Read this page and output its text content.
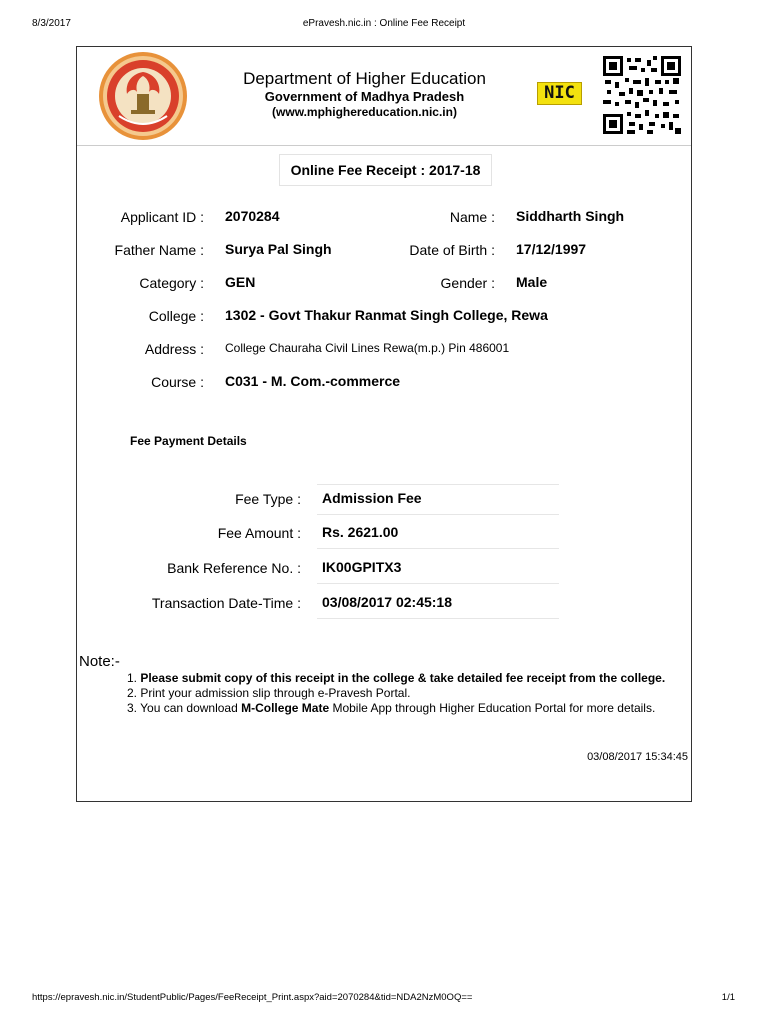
8/3/2017	ePravesh.nic.in : Online Fee Receipt
Department of Higher Education
Government of Madhya Pradesh
(www.mphighereducation.nic.in)
NIC
Online Fee Receipt : 2017-18
Applicant ID : 2070284	Name : Siddharth Singh
Father Name : Surya Pal Singh	Date of Birth : 17/12/1997
Category : GEN	Gender : Male
College : 1302 - Govt Thakur Ranmat Singh College, Rewa
Address : College Chauraha Civil Lines Rewa(m.p.) Pin 486001
Course : C031 - M. Com.-commerce
Fee Payment Details
Fee Type : Admission Fee
Fee Amount : Rs. 2621.00
Bank Reference No. : IK00GPITX3
Transaction Date-Time : 03/08/2017 02:45:18
Note:-
1. Please submit copy of this receipt in the college & take detailed fee receipt from the college.
2. Print your admission slip through e-Pravesh Portal.
3. You can download M-College Mate Mobile App through Higher Education Portal for more details.
03/08/2017 15:34:45
https://epravesh.nic.in/StudentPublic/Pages/FeeReceipt_Print.aspx?aid=2070284&tid=NDA2NzM0OQ==	1/1
